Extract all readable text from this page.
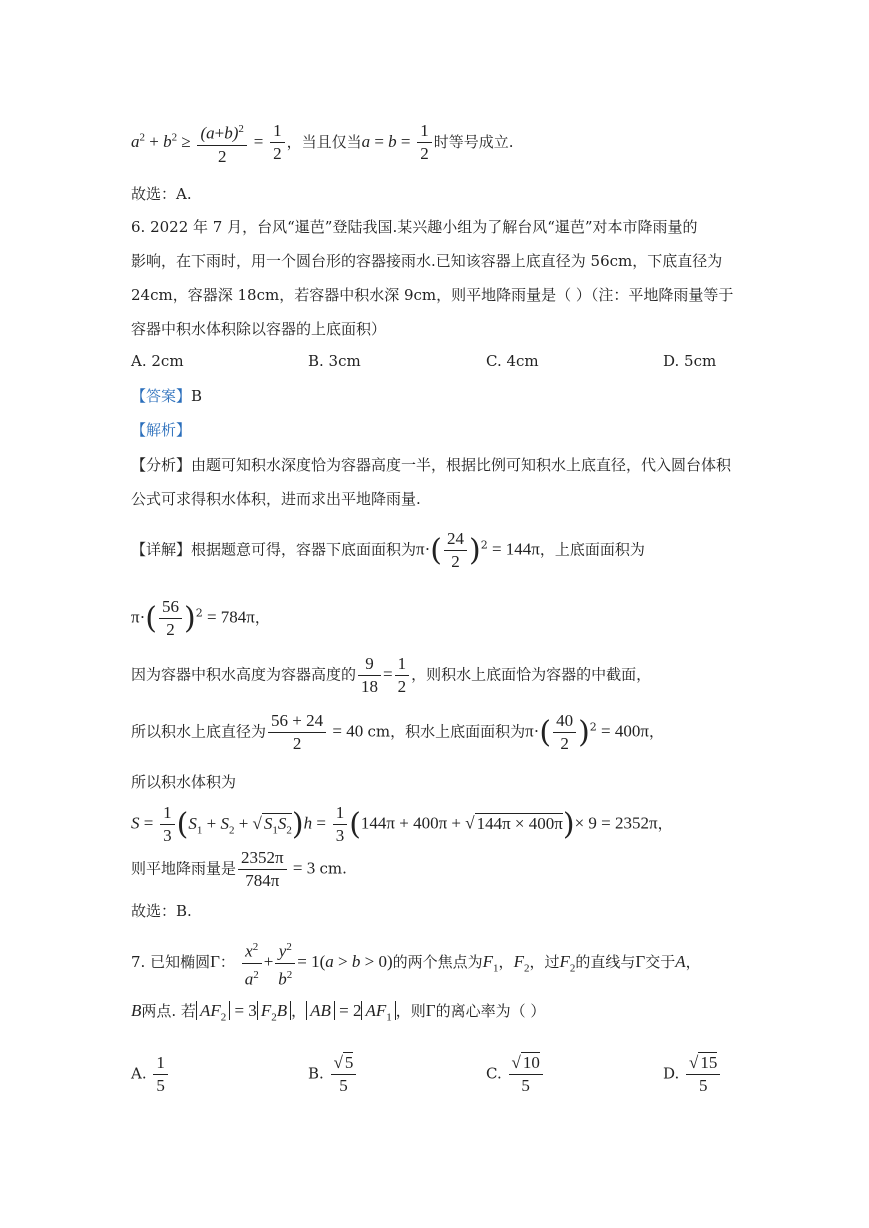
$a^2 + b^2 \ge \frac{(a+b)^2}{2} = \frac{1}{2}$ ，当且仅当$a = b = \frac{1}{2}$ 时等号成立.
故选：A.
6. 2022 年 7 月，台风“暹芭”登陆我国.某兴趣小组为了解台风“暹芭”对本市降雨量的
影响，在下雨时，用一个圆台形的容器接雨水.已知该容器上底直径为 56cm，下底直径为
24cm，容器深 18cm，若容器中积水深 9cm，则平地降雨量是（ ）（注：平地降雨量等于
容器中积水体积除以容器的上底面积）
A. 2cm	B. 3cm	C. 4cm	D. 5cm
【答案】B
【解析】
【分析】由题可知积水深度恰为容器高度一半，根据比例可知积水上底直径，代入圆台体积
公式可求得积水体积，进而求出平地降雨量.
【详解】根据题意可得，容器下底面面积为$\pi\cdot( \frac{24}{2} )^2 = 144\pi$，上底面面积为
$\pi\cdot( \frac{56}{2} )^2 = 784\pi$，
因为容器中积水高度为容器高度的 $\frac{9}{18} = \frac{1}{2}$ ，则积水上底面恰为容器的中截面，
所以积水上底直径为 $\frac{56 + 24}{2} = 40$ cm，积水上底面面积为$\pi\cdot( \frac{40}{2} )^2 = 400\pi$，
所以积水体积为
$S = \frac{1}{3} (S_1 + S_2$ + √ $S_1S_2)h = \frac{1}{3} (144\pi + 400\pi$ + √ 144π × 400π)× 9 = 2352π，
则平地降雨量是 $\frac{2352\pi}{784\pi} = 3$ cm.
故选：B.
7. 已知椭圆Γ： $\frac{x^2}{a^2} + \frac{y^2}{b^2} = 1(a > b > 0)$的两个焦点为$F_1$，$F_2$，过$F_2$的直线与Γ交于A，
B两点. 若 $AF_2 = 3$ $F_2B$ ， AB = 2 $AF_1$ ，则Γ的离心率为（ ）
A. $\frac{1}{5}$	B. $\frac{√ 5}{5}$	C. $\frac{√ 10}{5}$	D. $\frac{√ 15}{5}$
